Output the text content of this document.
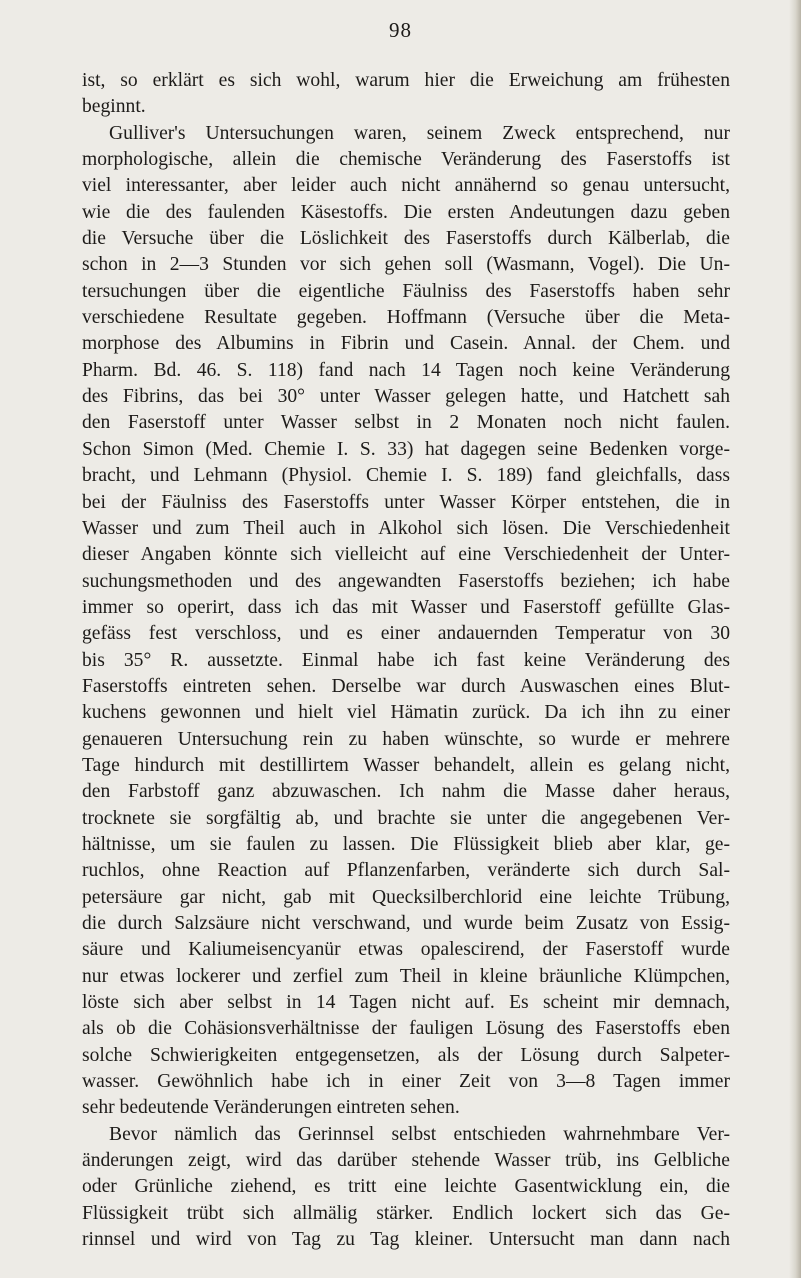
98

ist, so erklärt es sich wohl, warum hier die Erweichung am frühesten
beginnt.

Gulliver's Untersuchungen waren, seinem Zweck entsprechend, nur
morphologische, allein die chemische Veränderung des Faserstoffs ist
viel interessanter, aber leider auch nicht annähernd so genau untersucht,
wie die des faulenden Käsestoffs. Die ersten Andeutungen dazu geben
die Versuche über die Löslichkeit des Faserstoffs durch Kälberlab, die
schon in 2—3 Stunden vor sich gehen soll (Wasmann, Vogel). Die Un-
tersuchungen über die eigentliche Fäulniss des Faserstoffs haben sehr
verschiedene Resultate gegeben. Hoffmann (Versuche über die Meta-
morphose des Albumins in Fibrin und Casein. Annal. der Chem. und
Pharm. Bd. 46. S. 118) fand nach 14 Tagen noch keine Veränderung
des Fibrins, das bei 30° unter Wasser gelegen hatte, und Hatchett sah
den Faserstoff unter Wasser selbst in 2 Monaten noch nicht faulen.
Schon Simon (Med. Chemie I. S. 33) hat dagegen seine Bedenken vorge-
bracht, und Lehmann (Physiol. Chemie I. S. 189) fand gleichfalls, dass
bei der Fäulniss des Faserstoffs unter Wasser Körper entstehen, die in
Wasser und zum Theil auch in Alkohol sich lösen. Die Verschiedenheit
dieser Angaben könnte sich vielleicht auf eine Verschiedenheit der Unter-
suchungsmethoden und des angewandten Faserstoffs beziehen; ich habe
immer so operirt, dass ich das mit Wasser und Faserstoff gefüllte Glas-
gefäss fest verschloss, und es einer andauernden Temperatur von 30
bis 35° R. aussetzte. Einmal habe ich fast keine Veränderung des
Faserstoffs eintreten sehen. Derselbe war durch Auswaschen eines Blut-
kuchens gewonnen und hielt viel Hämatin zurück. Da ich ihn zu einer
genaueren Untersuchung rein zu haben wünschte, so wurde er mehrere
Tage hindurch mit destillirtem Wasser behandelt, allein es gelang nicht,
den Farbstoff ganz abzuwaschen. Ich nahm die Masse daher heraus,
trocknete sie sorgfältig ab, und brachte sie unter die angegebenen Ver-
hältnisse, um sie faulen zu lassen. Die Flüssigkeit blieb aber klar, ge-
ruchlos, ohne Reaction auf Pflanzenfarben, veränderte sich durch Sal-
petersäure gar nicht, gab mit Quecksilberchlorid eine leichte Trübung,
die durch Salzsäure nicht verschwand, und wurde beim Zusatz von Essig-
säure und Kaliumeisencyanür etwas opalescirend, der Faserstoff wurde
nur etwas lockerer und zerfiel zum Theil in kleine bräunliche Klümpchen,
löste sich aber selbst in 14 Tagen nicht auf. Es scheint mir demnach,
als ob die Cohäsionsverhältnisse der fauligen Lösung des Faserstoffs eben
solche Schwierigkeiten entgegensetzen, als der Lösung durch Salpeter-
wasser. Gewöhnlich habe ich in einer Zeit von 3—8 Tagen immer
sehr bedeutende Veränderungen eintreten sehen.

Bevor nämlich das Gerinnsel selbst entschieden wahrnehmbare Ver-
änderungen zeigt, wird das darüber stehende Wasser trüb, ins Gelbliche
oder Grünliche ziehend, es tritt eine leichte Gasentwicklung ein, die
Flüssigkeit trübt sich allmälig stärker. Endlich lockert sich das Ge-
rinnsel und wird von Tag zu Tag kleiner. Untersucht man dann nach
